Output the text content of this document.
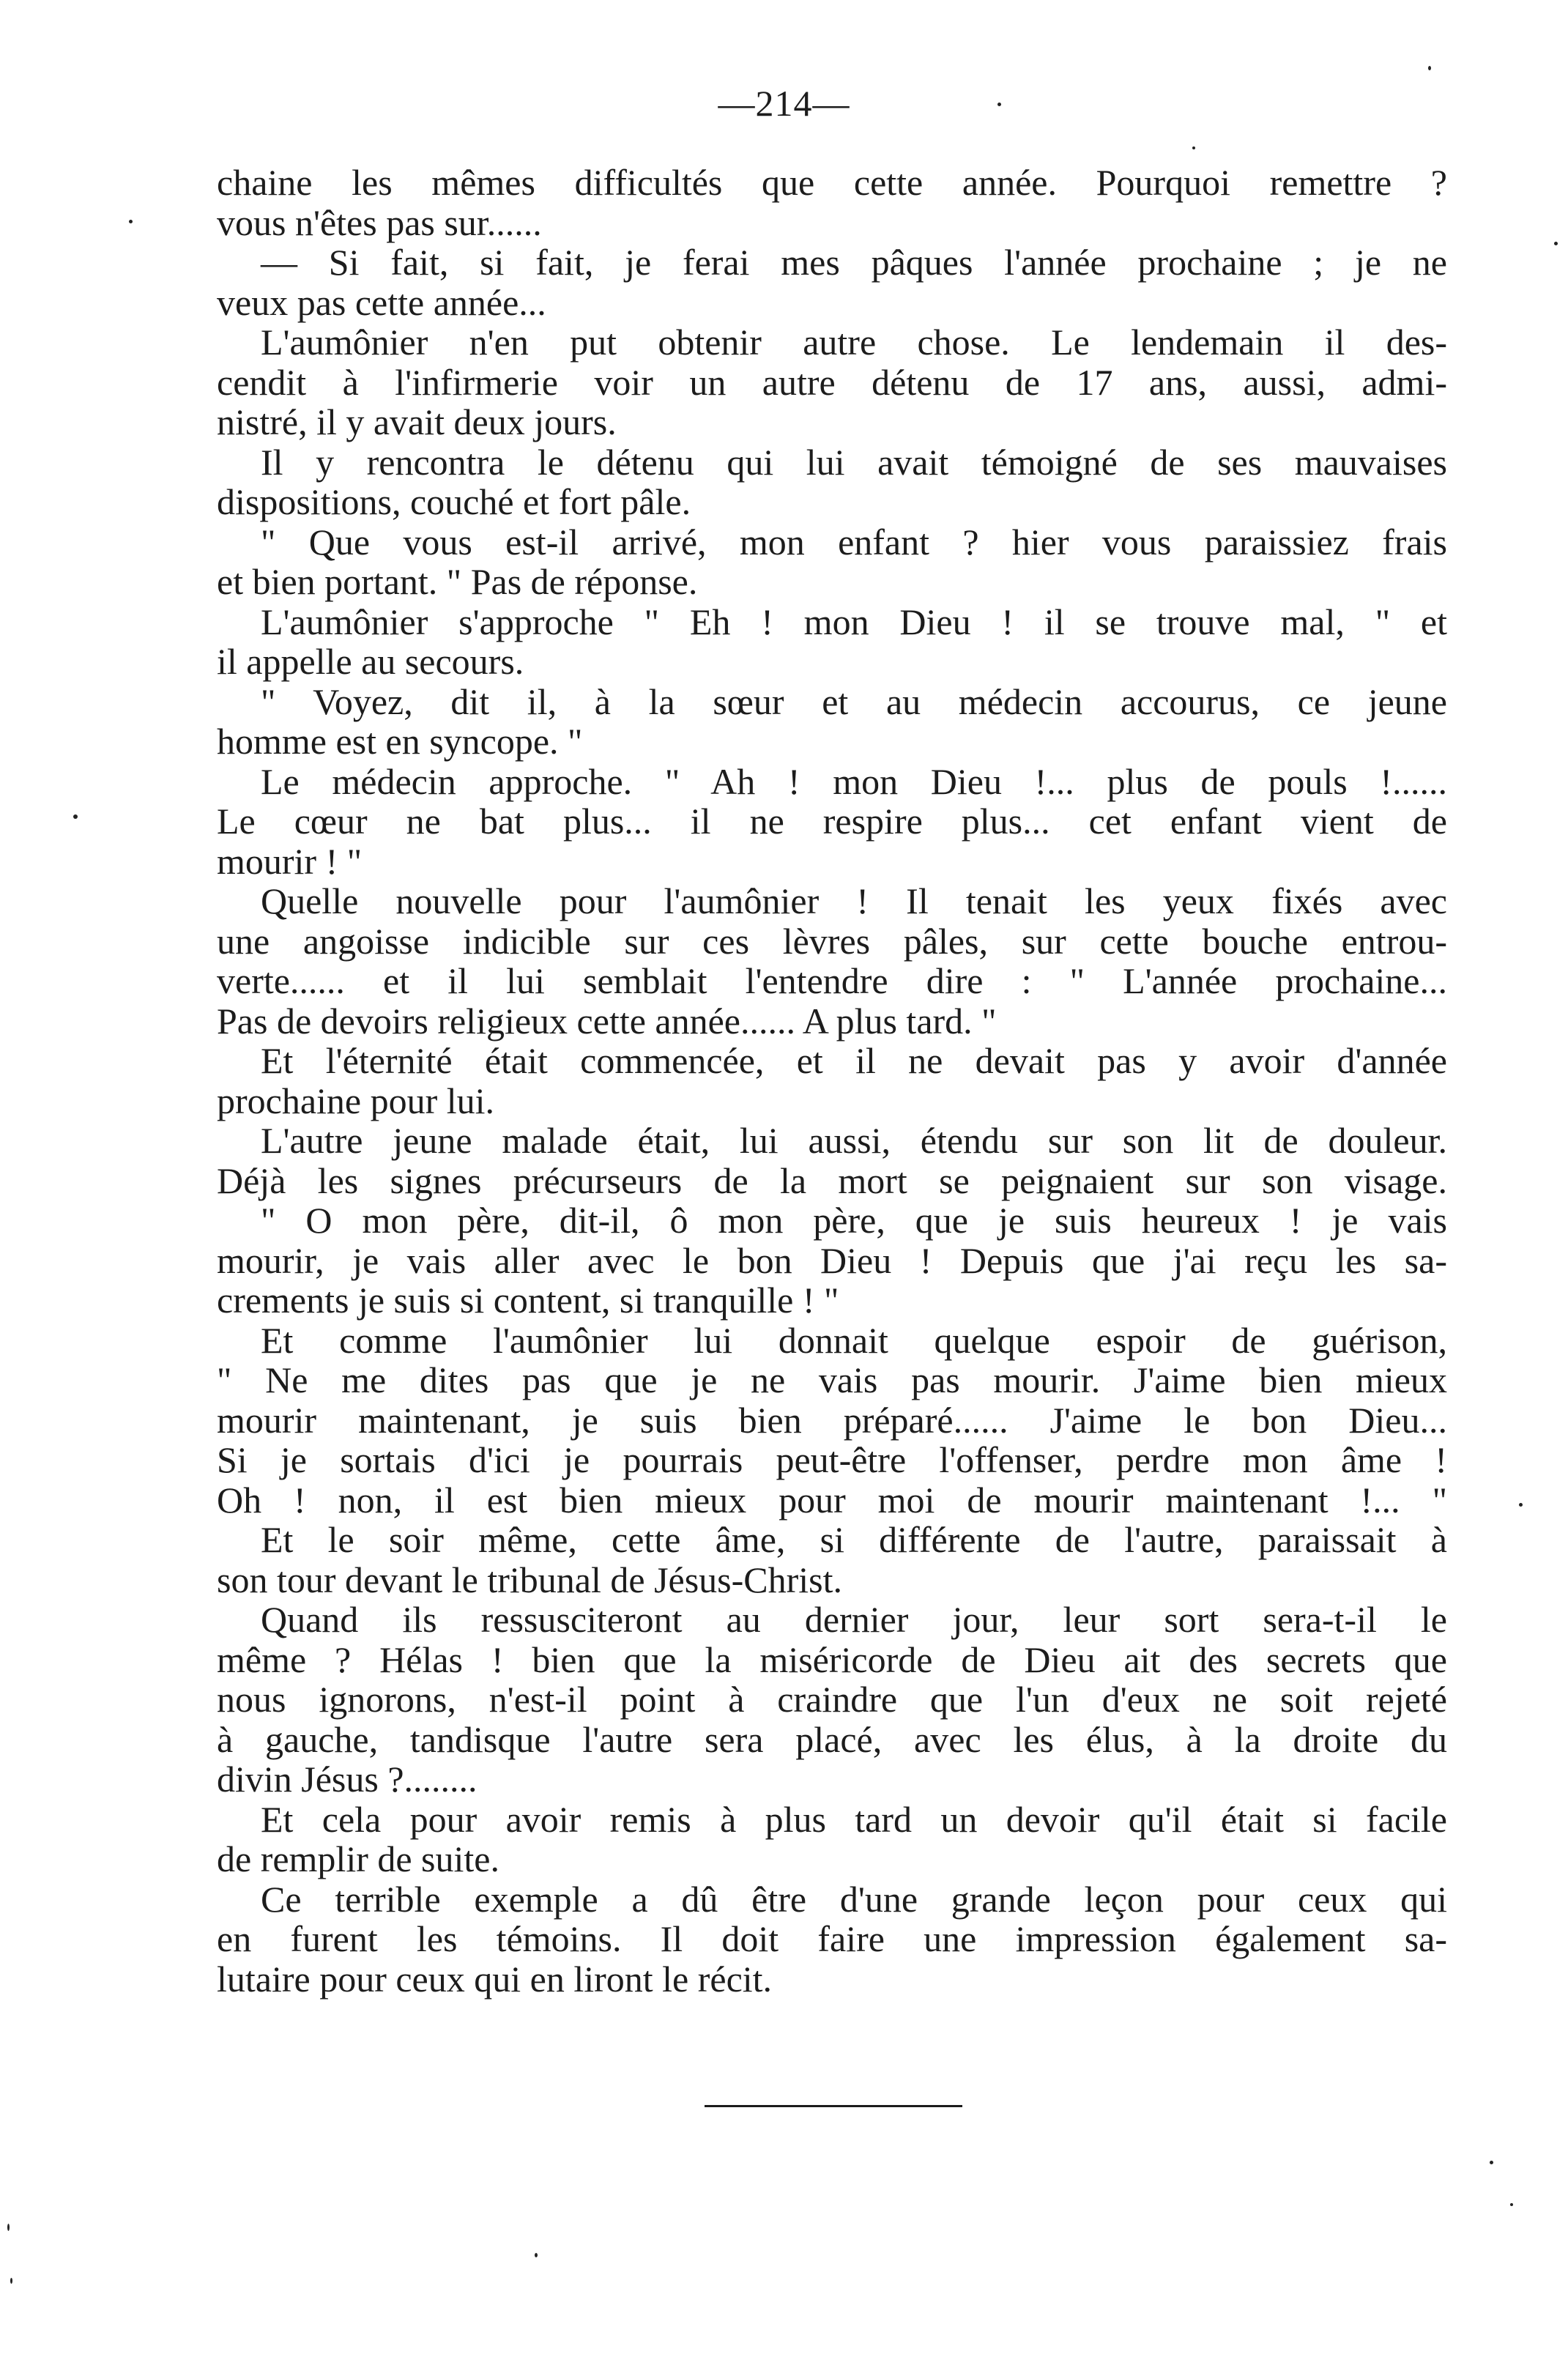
—214—
chaine les mêmes difficultés que cette année. Pourquoi remettre ?
vous n'êtes pas sur......
— Si fait, si fait, je ferai mes pâques l'année prochaine ; je ne
veux pas cette année...
L'aumônier n'en put obtenir autre chose. Le lendemain il des-
cendit à l'infirmerie voir un autre détenu de 17 ans, aussi, admi-
nistré, il y avait deux jours.
Il y rencontra le détenu qui lui avait témoigné de ses mauvaises
dispositions, couché et fort pâle.
" Que vous est-il arrivé, mon enfant ? hier vous paraissiez frais
et bien portant. " Pas de réponse.
L'aumônier s'approche " Eh ! mon Dieu ! il se trouve mal, " et
il appelle au secours.
" Voyez, dit il, à la sœur et au médecin accourus, ce jeune
homme est en syncope. "
Le médecin approche. " Ah ! mon Dieu !... plus de pouls !......
Le cœur ne bat plus... il ne respire plus... cet enfant vient de
mourir ! "
Quelle nouvelle pour l'aumônier ! Il tenait les yeux fixés avec
une angoisse indicible sur ces lèvres pâles, sur cette bouche entrou-
verte...... et il lui semblait l'entendre dire : " L'année prochaine...
Pas de devoirs religieux cette année...... A plus tard. "
Et l'éternité était commencée, et il ne devait pas y avoir d'année
prochaine pour lui.
L'autre jeune malade était, lui aussi, étendu sur son lit de douleur.
Déjà les signes précurseurs de la mort se peignaient sur son visage.
" O mon père, dit-il, ô mon père, que je suis heureux ! je vais
mourir, je vais aller avec le bon Dieu ! Depuis que j'ai reçu les sa-
crements je suis si content, si tranquille ! "
Et comme l'aumônier lui donnait quelque espoir de guérison,
" Ne me dites pas que je ne vais pas mourir. J'aime bien mieux
mourir maintenant, je suis bien préparé...... J'aime le bon Dieu...
Si je sortais d'ici je pourrais peut-être l'offenser, perdre mon âme !
Oh ! non, il est bien mieux pour moi de mourir maintenant !... "
Et le soir même, cette âme, si différente de l'autre, paraissait à
son tour devant le tribunal de Jésus-Christ.
Quand ils ressusciteront au dernier jour, leur sort sera-t-il le
même ? Hélas ! bien que la miséricorde de Dieu ait des secrets que
nous ignorons, n'est-il point à craindre que l'un d'eux ne soit rejeté
à gauche, tandisque l'autre sera placé, avec les élus, à la droite du
divin Jésus ?........
Et cela pour avoir remis à plus tard un devoir qu'il était si facile
de remplir de suite.
Ce terrible exemple a dû être d'une grande leçon pour ceux qui
en furent les témoins. Il doit faire une impression également sa-
lutaire pour ceux qui en liront le récit.
